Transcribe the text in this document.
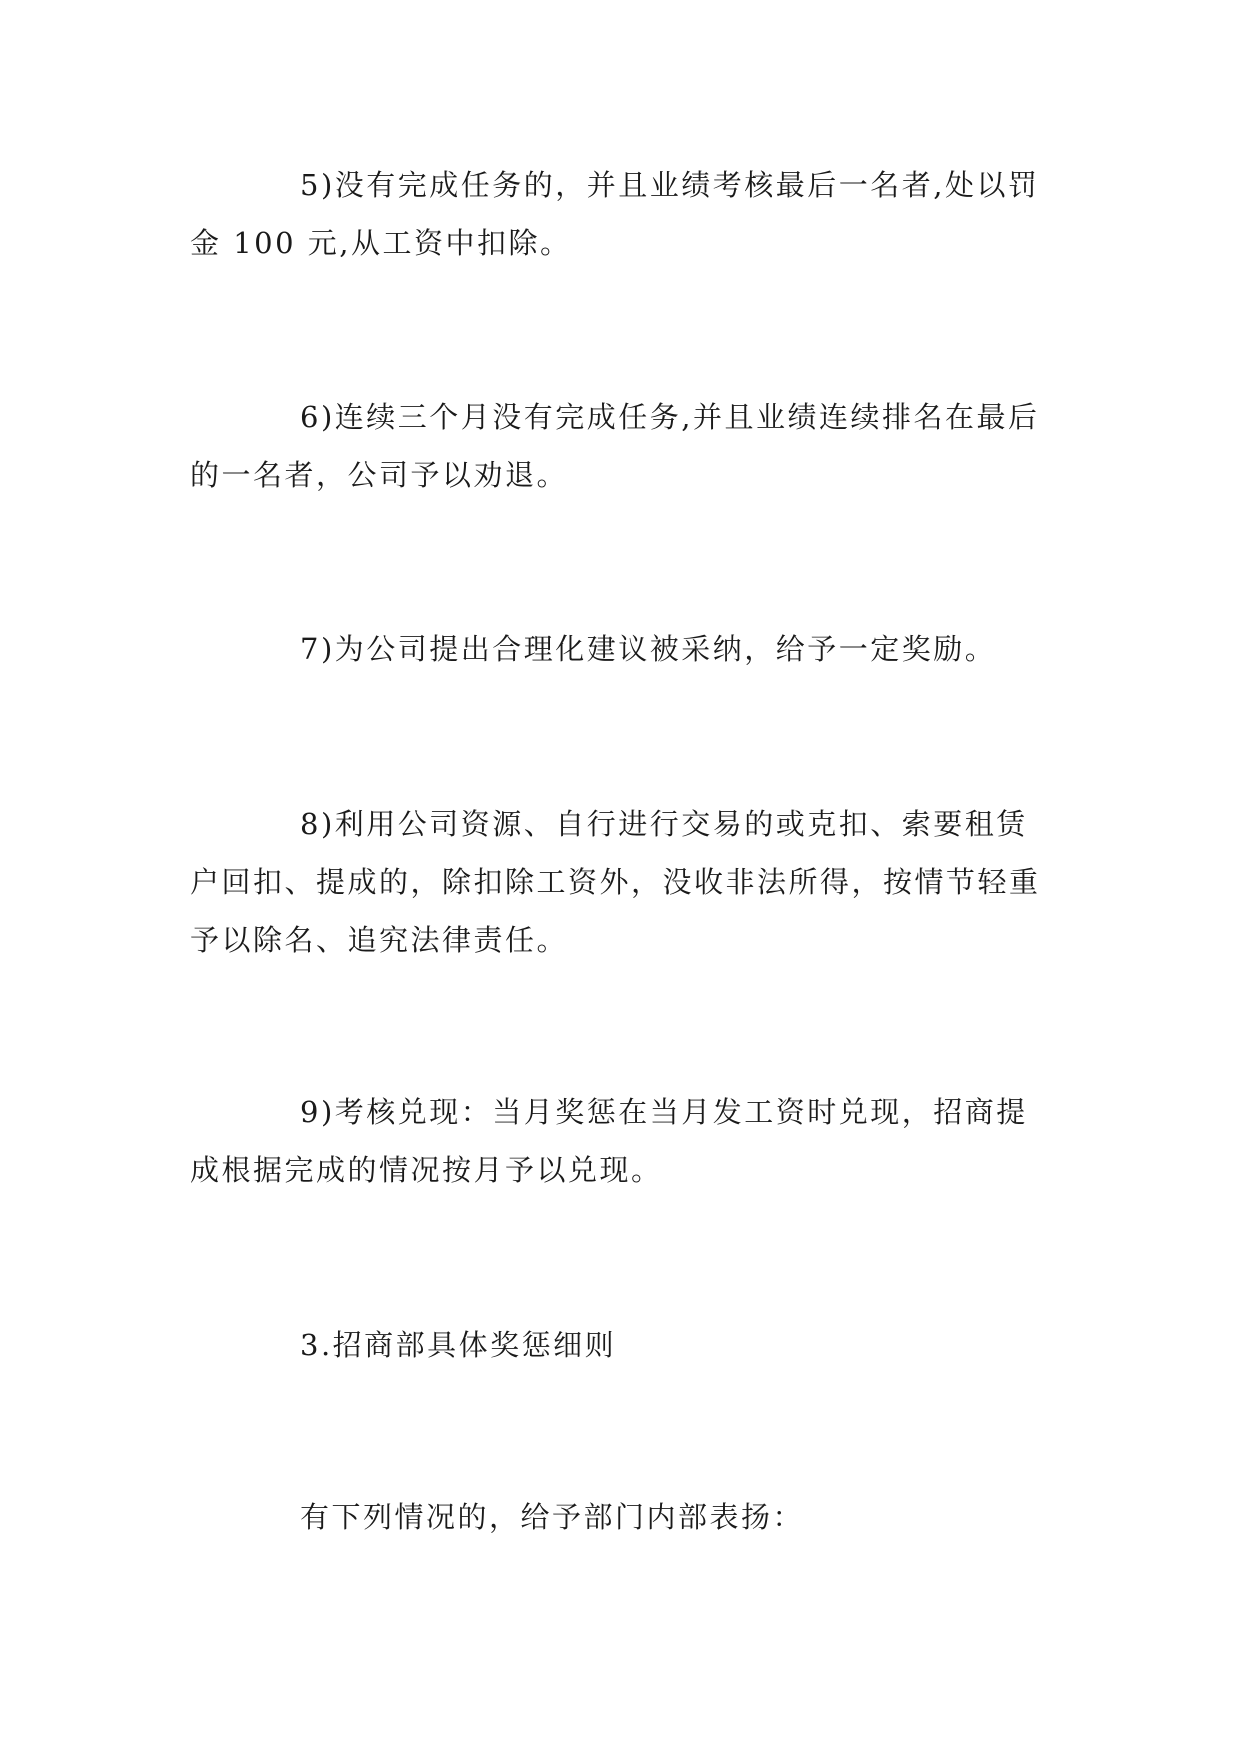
5)没有完成任务的，并且业绩考核最后一名者,处以罚金 100 元,从工资中扣除。

6)连续三个月没有完成任务,并且业绩连续排名在最后的一名者，公司予以劝退。

7)为公司提出合理化建议被采纳，给予一定奖励。

8)利用公司资源、自行进行交易的或克扣、索要租赁户回扣、提成的，除扣除工资外，没收非法所得，按情节轻重予以除名、追究法律责任。

9)考核兑现：当月奖惩在当月发工资时兑现，招商提成根据完成的情况按月予以兑现。

3.招商部具体奖惩细则

有下列情况的，给予部门内部表扬：
